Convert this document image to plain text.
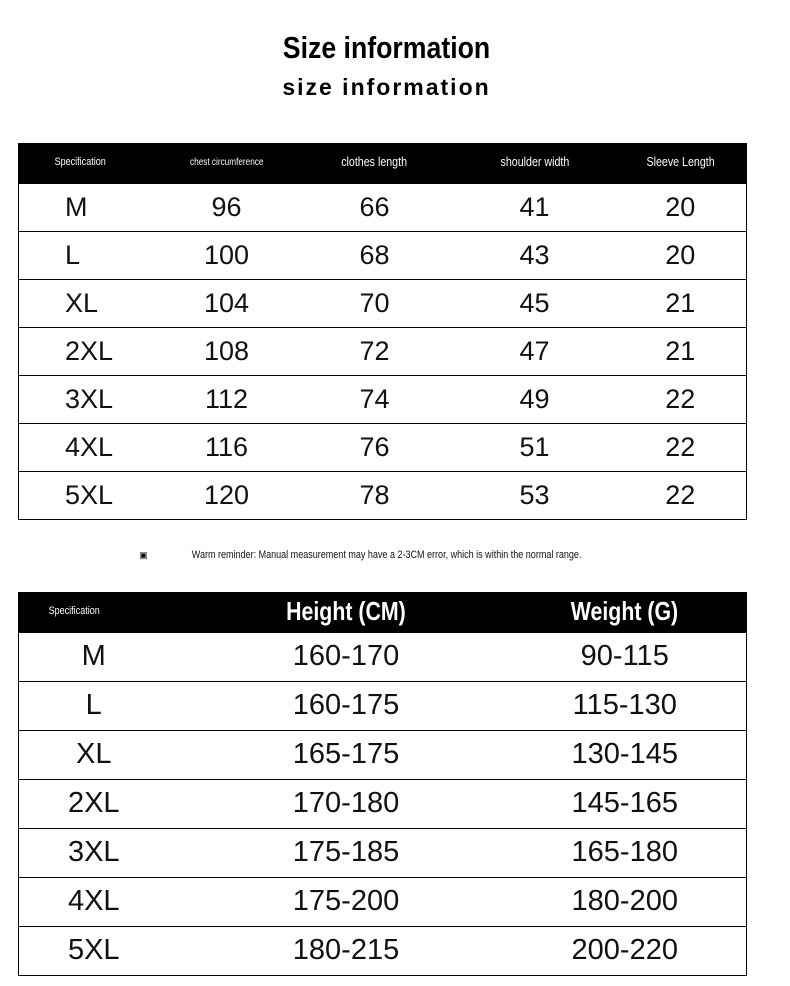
Size information
size information
Specification	chest circumference	clothes length	shoulder width	Sleeve Length
M	96	66	41	20
L	100	68	43	20
XL	104	70	45	21
2XL	108	72	47	21
3XL	112	74	49	22
4XL	116	76	51	22
5XL	120	78	53	22
▣	Warm reminder: Manual measurement may have a 2-3CM error, which is within the normal range.
Specification	Height (CM)	Weight (G)
M	160-170	90-115
L	160-175	115-130
XL	165-175	130-145
2XL	170-180	145-165
3XL	175-185	165-180
4XL	175-200	180-200
5XL	180-215	200-220
